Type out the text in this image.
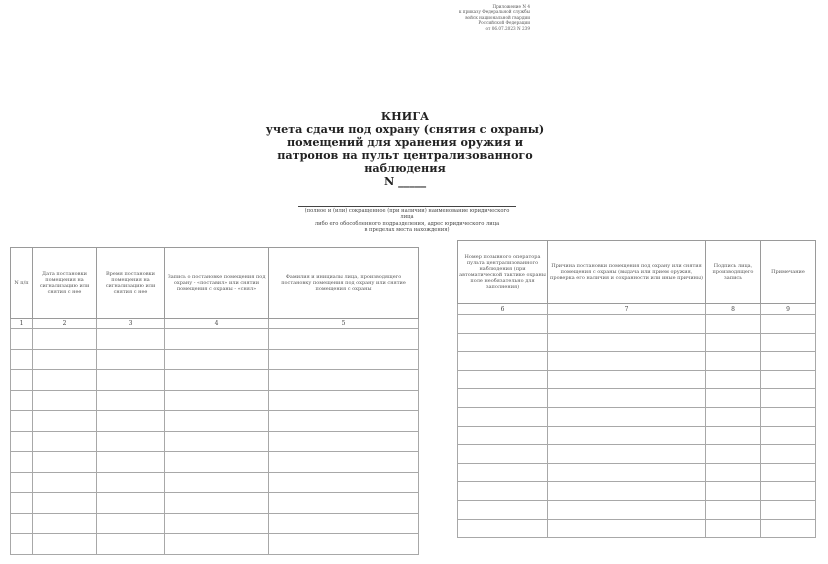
Приложение N 4
к приказу Федеральной службы
войск национальной гвардии
Российской Федерации
от 06.07.2023 N 239
КНИГА
учета сдачи под охрану (снятия с охраны)
помещений для хранения оружия и
патронов на пульт централизованного
наблюдения
N _____
(полное и (или) сокращенное (при наличии) наименование юридического лица
либо его обособленного подразделения, адрес юридического лица
в пределах места нахождения)
N п/п	Дата постановки помещения на сигнализацию или снятия с нее	Время постановки помещения на сигнализацию или снятия с нее	Запись о постановке помещения под охрану - «поставил» или снятии помещения с охраны - «снял»	Фамилия и инициалы лица, производящего постановку помещения под охрану или снятие помещения с охраны
1	2	3	4	5

Номер позывного оператора пульта централизованного наблюдения (при автоматической тактике охраны поле необязательно для заполнения)	Причина постановки помещения под охрану или снятия помещения с охраны (выдача или прием оружия, проверка его наличия и сохранности или иные причины)	Подпись лица, производящего запись	Примечание
6	7	8	9
